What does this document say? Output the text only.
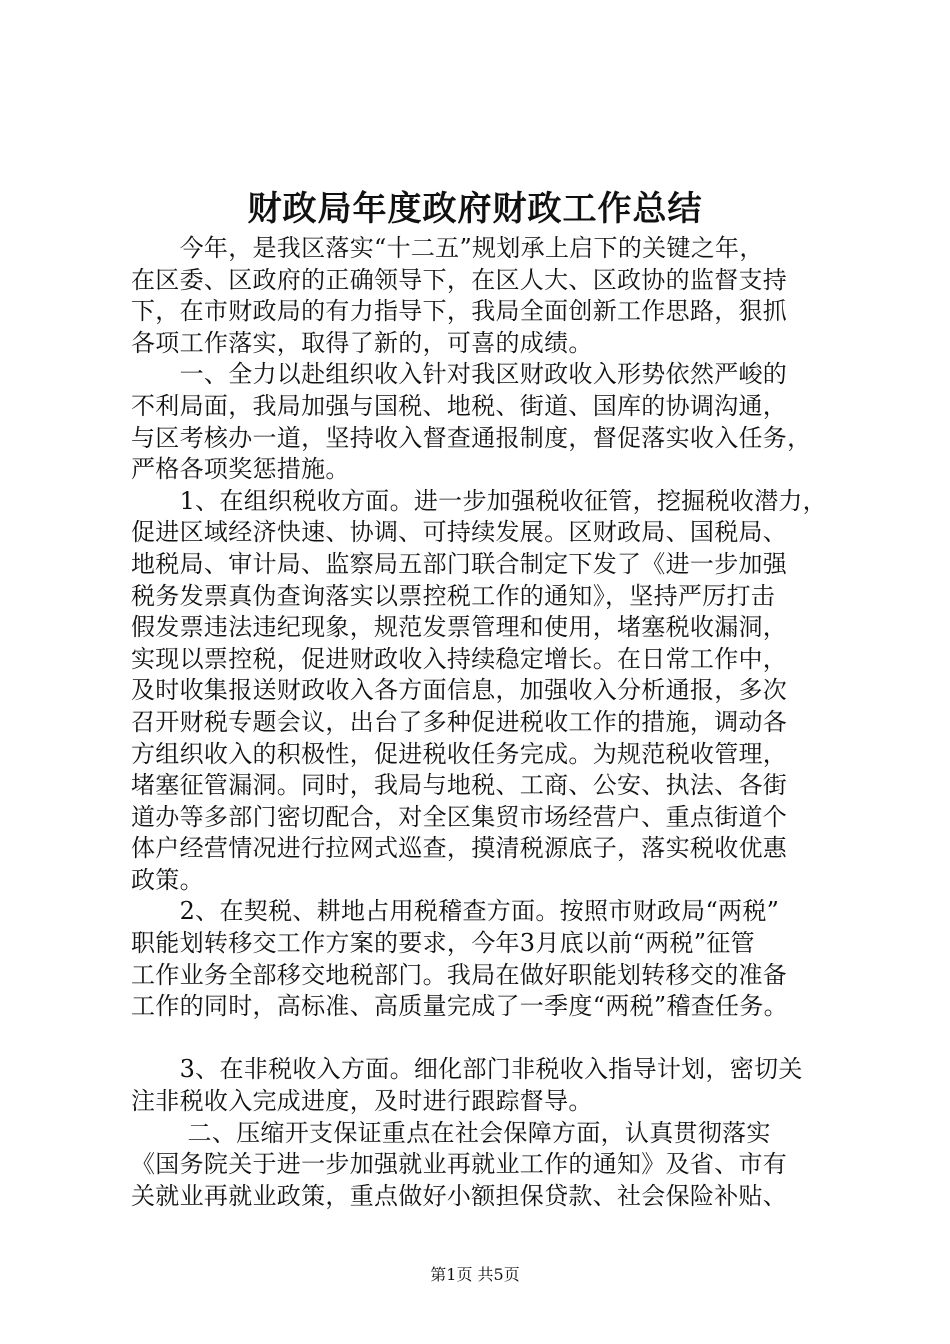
财政局年度政府财政工作总结

　　今年，是我区落实“十二五”规划承上启下的关键之年，
在区委、区政府的正确领导下，在区人大、区政协的监督支持
下，在市财政局的有力指导下，我局全面创新工作思路，狠抓
各项工作落实，取得了新的，可喜的成绩。

　　一、全力以赴组织收入针对我区财政收入形势依然严峻的
不利局面，我局加强与国税、地税、街道、国库的协调沟通，
与区考核办一道，坚持收入督查通报制度，督促落实收入任务，
严格各项奖惩措施。

　　1、在组织税收方面。进一步加强税收征管，挖掘税收潜力，
促进区域经济快速、协调、可持续发展。区财政局、国税局、
地税局、审计局、监察局五部门联合制定下发了《进一步加强
税务发票真伪查询落实以票控税工作的通知》，坚持严厉打击
假发票违法违纪现象，规范发票管理和使用，堵塞税收漏洞，
实现以票控税，促进财政收入持续稳定增长。在日常工作中，
及时收集报送财政收入各方面信息，加强收入分析通报，多次
召开财税专题会议，出台了多种促进税收工作的措施，调动各
方组织收入的积极性，促进税收任务完成。为规范税收管理，
堵塞征管漏洞。同时，我局与地税、工商、公安、执法、各街
道办等多部门密切配合，对全区集贸市场经营户、重点街道个
体户经营情况进行拉网式巡查，摸清税源底子，落实税收优惠
政策。

　　2、在契税、耕地占用税稽查方面。按照市财政局“两税”
职能划转移交工作方案的要求，今年3月底以前“两税”征管
工作业务全部移交地税部门。我局在做好职能划转移交的准备
工作的同时，高标准、高质量完成了一季度“两税”稽查任务。

　　3、在非税收入方面。细化部门非税收入指导计划，密切关
注非税收入完成进度，及时进行跟踪督导。

　　 二、压缩开支保证重点在社会保障方面，认真贯彻落实
《国务院关于进一步加强就业再就业工作的通知》及省、市有
关就业再就业政策，重点做好小额担保贷款、社会保险补贴、

第1页 共5页
